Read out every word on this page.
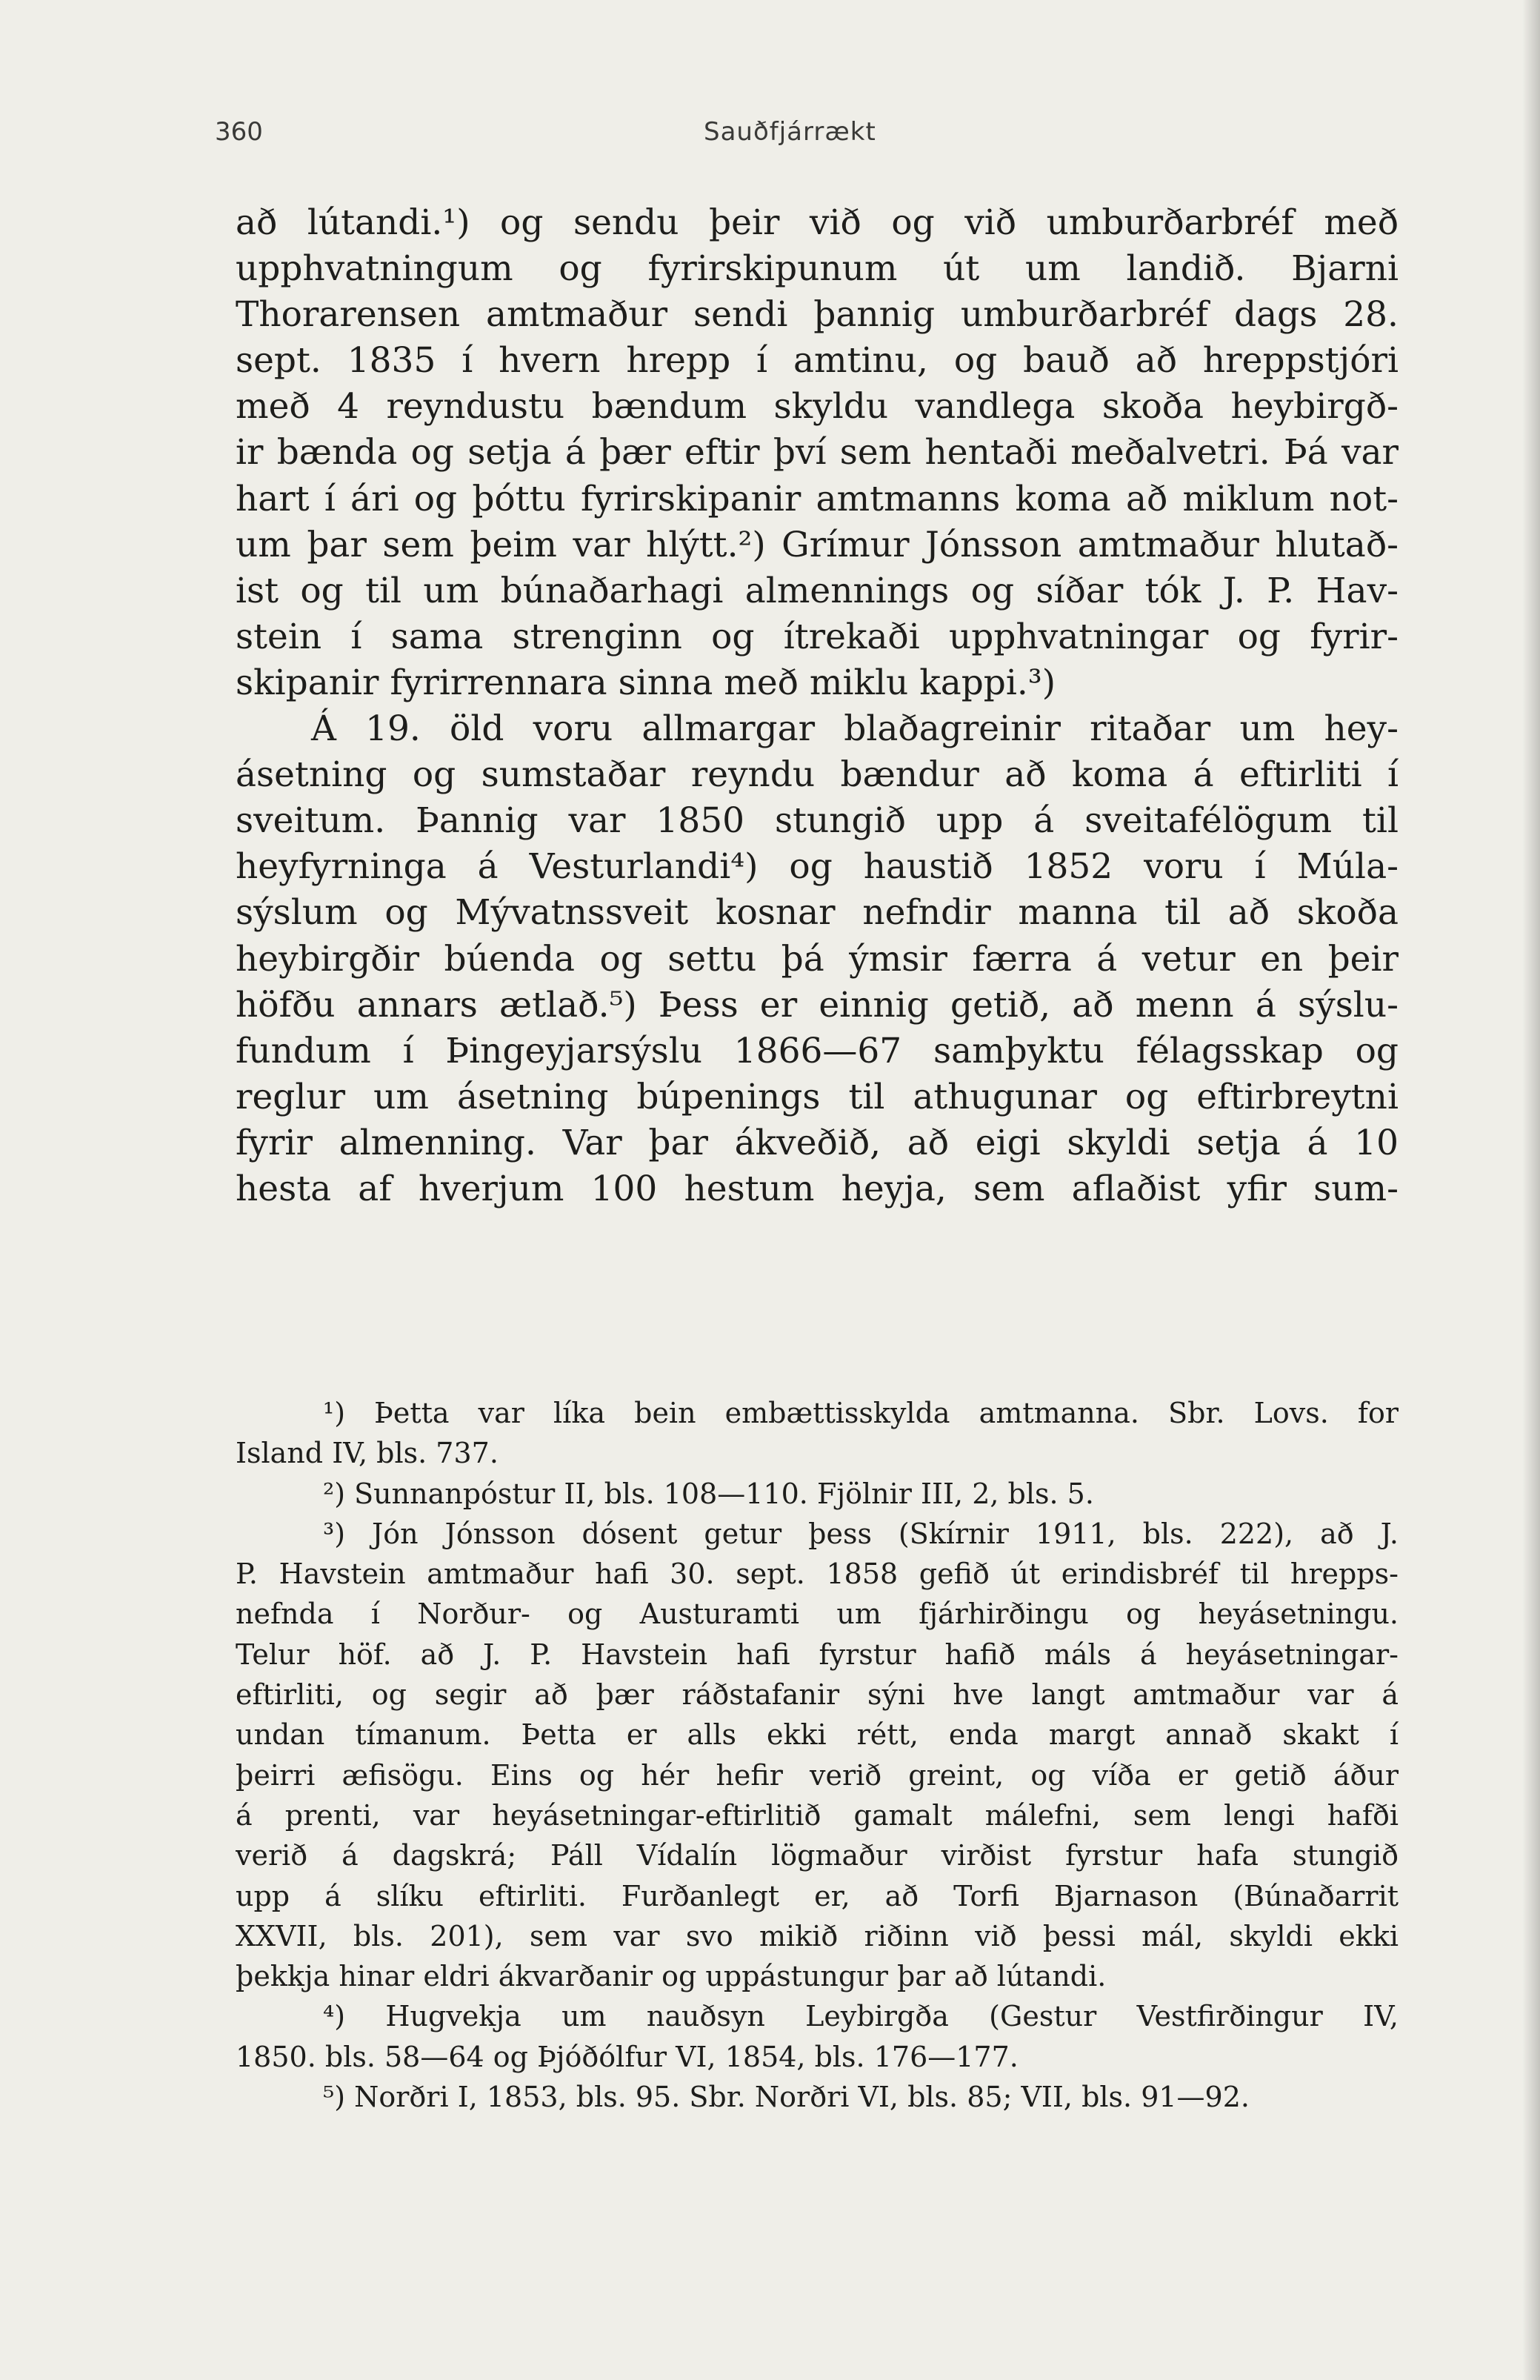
360	Sauðfjárrækt
að lútandi.¹) og sendu þeir við og við umburðarbréf með
upphvatningum og fyrirskipunum út um landið. Bjarni
Thorarensen amtmaður sendi þannig umburðarbréf dags 28.
sept. 1835 í hvern hrepp í amtinu, og bauð að hreppstjóri
með 4 reyndustu bændum skyldu vandlega skoða heybirgð-
ir bænda og setja á þær eftir því sem hentaði meðalvetri. Þá var
hart í ári og þóttu fyrirskipanir amtmanns koma að miklum not-
um þar sem þeim var hlýtt.²) Grímur Jónsson amtmaður hlutað-
ist og til um búnaðarhagi almennings og síðar tók J. P. Hav-
stein í sama strenginn og ítrekaði upphvatningar og fyrir-
skipanir fyrirrennara sinna með miklu kappi.³)
Á 19. öld voru allmargar blaðagreinir ritaðar um hey-
ásetning og sumstaðar reyndu bændur að koma á eftirliti í
sveitum. Þannig var 1850 stungið upp á sveitafélögum til
heyfyrninga á Vesturlandi⁴) og haustið 1852 voru í Múla-
sýslum og Mývatnssveit kosnar nefndir manna til að skoða
heybirgðir búenda og settu þá ýmsir færra á vetur en þeir
höfðu annars ætlað.⁵) Þess er einnig getið, að menn á sýslu-
fundum í Þingeyjarsýslu 1866—67 samþyktu félagsskap og
reglur um ásetning búpenings til athugunar og eftirbreytni
fyrir almenning. Var þar ákveðið, að eigi skyldi setja á 10
hesta af hverjum 100 hestum heyja, sem aflaðist yfir sum-
¹) Þetta var líka bein embættisskylda amtmanna. Sbr. Lovs. for
Island IV, bls. 737.
²) Sunnanpóstur II, bls. 108—110. Fjölnir III, 2, bls. 5.
³) Jón Jónsson dósent getur þess (Skírnir 1911, bls. 222), að J.
P. Havstein amtmaður hafi 30. sept. 1858 gefið út erindisbréf til hrepps-
nefnda í Norður- og Austuramti um fjárhirðingu og heyásetningu.
Telur höf. að J. P. Havstein hafi fyrstur hafið máls á heyásetningar-
eftirliti, og segir að þær ráðstafanir sýni hve langt amtmaður var á
undan tímanum. Þetta er alls ekki rétt, enda margt annað skakt í
þeirri æfisögu. Eins og hér hefir verið greint, og víða er getið áður
á prenti, var heyásetningar-eftirlitið gamalt málefni, sem lengi hafði
verið á dagskrá; Páll Vídalín lögmaður virðist fyrstur hafa stungið
upp á slíku eftirliti. Furðanlegt er, að Torfi Bjarnason (Búnaðarrit
XXVII, bls. 201), sem var svo mikið riðinn við þessi mál, skyldi ekki
þekkja hinar eldri ákvarðanir og uppástungur þar að lútandi.
⁴) Hugvekja um nauðsyn Leybirgða (Gestur Vestfirðingur IV,
1850. bls. 58—64 og Þjóðólfur VI, 1854, bls. 176—177.
⁵) Norðri I, 1853, bls. 95. Sbr. Norðri VI, bls. 85; VII, bls. 91—92.
